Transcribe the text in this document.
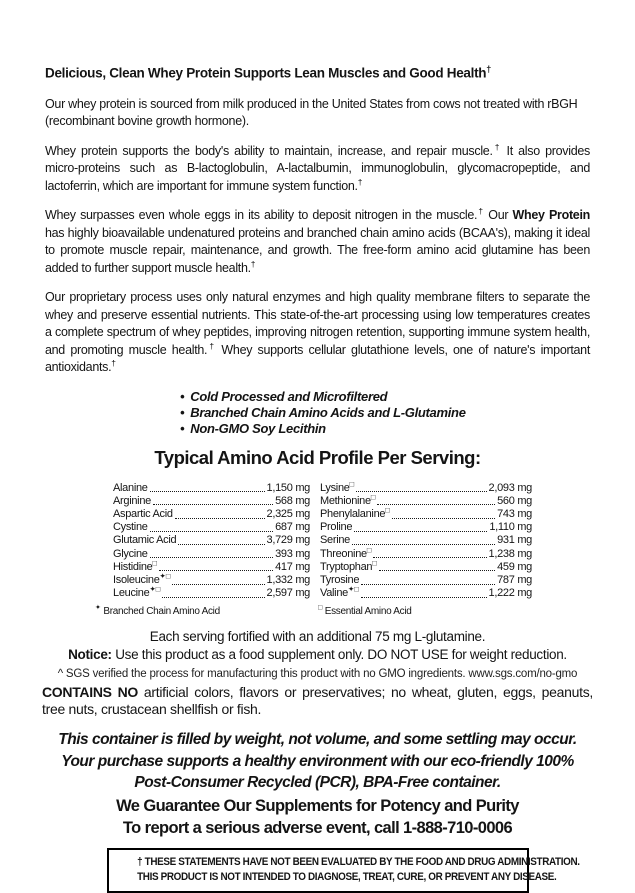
Delicious, Clean Whey Protein Supports Lean Muscles and Good Health†

Our whey protein is sourced from milk produced in the United States from cows not treated with rBGH (recombinant bovine growth hormone).

Whey protein supports the body's ability to maintain, increase, and repair muscle.† It also provides micro-proteins such as B-lactoglobulin, A-lactalbumin, immunoglobulin, glycomacropeptide, and lactoferrin, which are important for immune system function.†

Whey surpasses even whole eggs in its ability to deposit nitrogen in the muscle.† Our Whey Protein has highly bioavailable undenatured proteins and branched chain amino acids (BCAA's), making it ideal to promote muscle repair, maintenance, and growth. The free-form amino acid glutamine has been added to further support muscle health.†

Our proprietary process uses only natural enzymes and high quality membrane filters to separate the whey and preserve essential nutrients. This state-of-the-art processing using low temperatures creates a complete spectrum of whey peptides, improving nitrogen retention, supporting immune system health, and promoting muscle health.† Whey supports cellular glutathione levels, one of nature's important antioxidants.†

• Cold Processed and Microfiltered
• Branched Chain Amino Acids and L-Glutamine
• Non-GMO Soy Lecithin
Typical Amino Acid Profile Per Serving:
Alanine	1,150 mg
Arginine	568 mg
Aspartic Acid	2,325 mg
Cystine	687 mg
Glutamic Acid	3,729 mg
Glycine	393 mg
Histidine□	417 mg
Isoleucine✦□	1,332 mg
Leucine✦□	2,597 mg
Lysine□	2,093 mg
Methionine□	560 mg
Phenylalanine□	743 mg
Proline	1,110 mg
Serine	931 mg
Threonine□	1,238 mg
Tryptophan□	459 mg
Tyrosine	787 mg
Valine✦□	1,222 mg
✦ Branched Chain Amino Acid	□ Essential Amino Acid
Each serving fortified with an additional 75 mg L-glutamine.
Notice: Use this product as a food supplement only. DO NOT USE for weight reduction.
^ SGS verified the process for manufacturing this product with no GMO ingredients. www.sgs.com/no-gmo
CONTAINS NO artificial colors, flavors or preservatives; no wheat, gluten, eggs, peanuts, tree nuts, crustacean shellfish or fish.
This container is filled by weight, not volume, and some settling may occur.
Your purchase supports a healthy environment with our eco-friendly 100%
Post-Consumer Recycled (PCR), BPA-Free container.
We Guarantee Our Supplements for Potency and Purity
To report a serious adverse event, call 1-888-710-0006
† THESE STATEMENTS HAVE NOT BEEN EVALUATED BY THE FOOD AND DRUG ADMINISTRATION.
THIS PRODUCT IS NOT INTENDED TO DIAGNOSE, TREAT, CURE, OR PREVENT ANY DISEASE.
